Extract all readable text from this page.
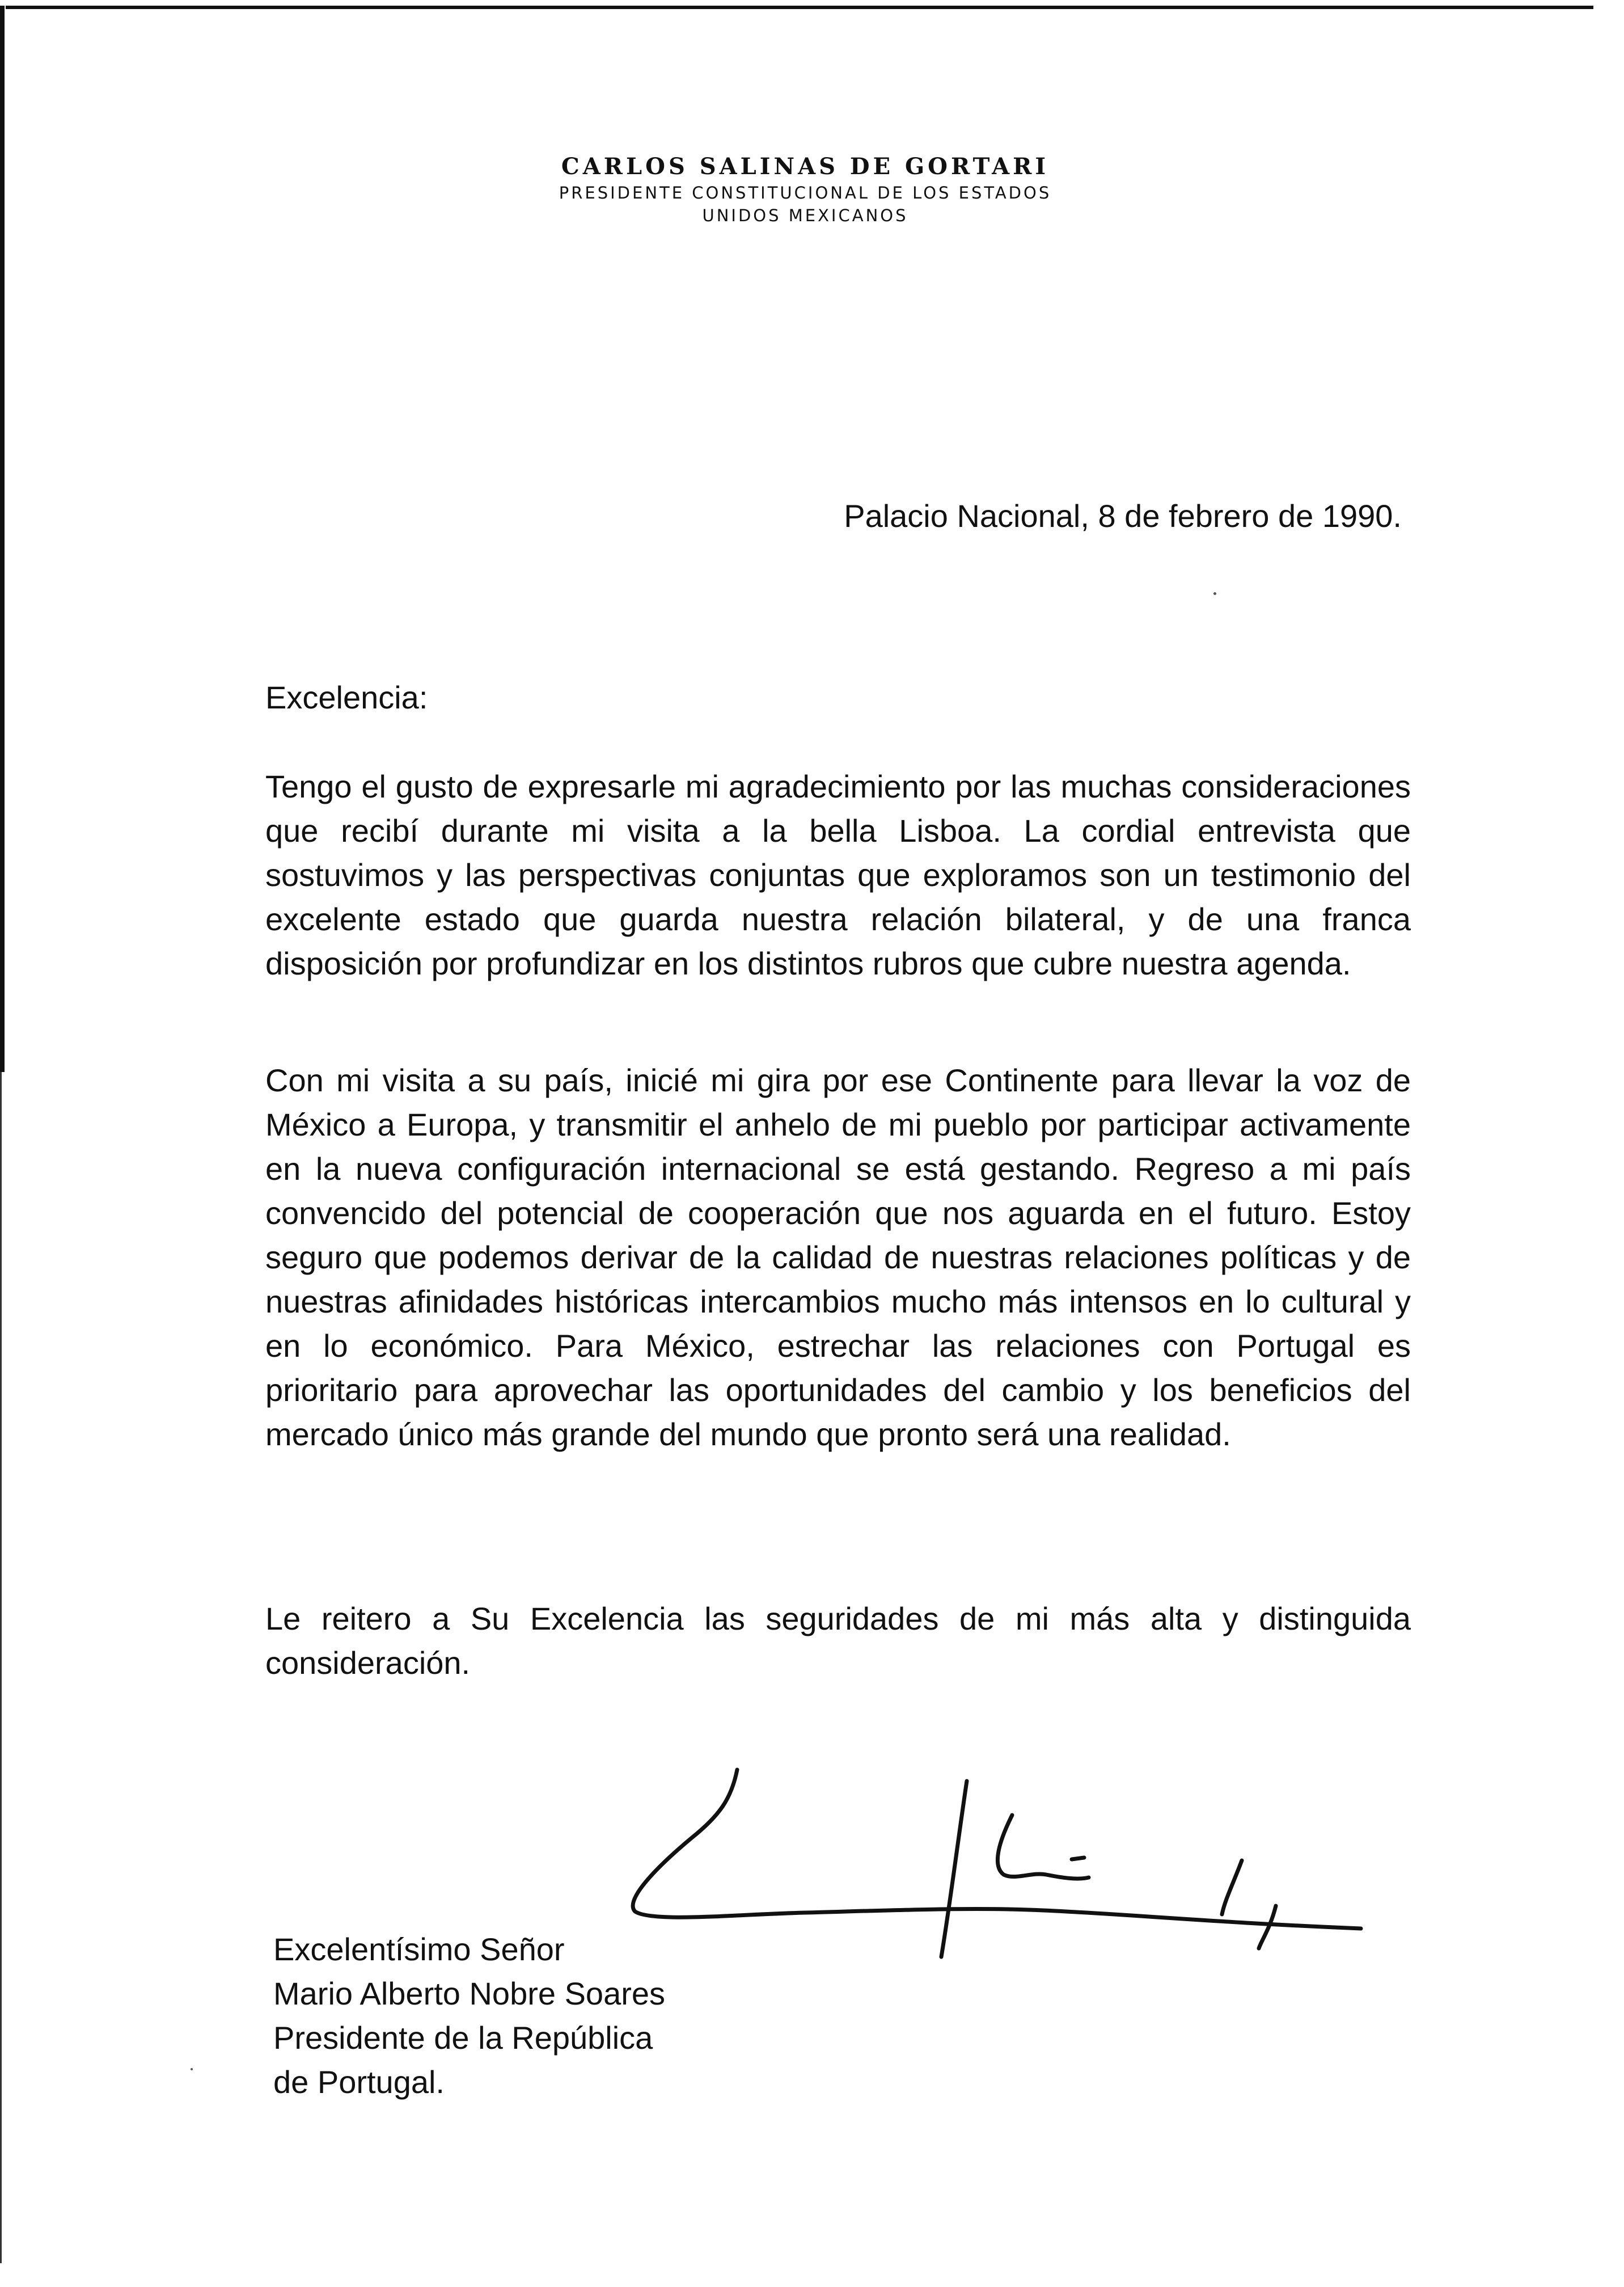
CARLOS SALINAS DE GORTARI
PRESIDENTE CONSTITUCIONAL DE LOS ESTADOS
UNIDOS MEXICANOS
Palacio Nacional, 8 de febrero de 1990.
Excelencia:
Tengo el gusto de expresarle mi agradecimiento por las muchas consideraciones que recibí durante mi visita a la bella Lisboa. La cordial entrevista que sostuvimos y las perspectivas conjuntas que exploramos son un testimonio del excelente estado que guarda nuestra relación bilateral, y de una franca disposición por profundizar en los distintos rubros que cubre nuestra agenda.
Con mi visita a su país, inicié mi gira por ese Continente para llevar la voz de México a Europa, y transmitir el anhelo de mi pueblo por participar activamente en la nueva configuración internacional se está gestando. Regreso a mi país convencido del potencial de cooperación que nos aguarda en el futuro. Estoy seguro que podemos derivar de la calidad de nuestras relaciones políticas y de nuestras afinidades históricas intercambios mucho más intensos en lo cultural y en lo económico. Para México, estrechar las relaciones con Portugal es prioritario para aprovechar las oportunidades del cambio y los beneficios del mercado único más grande del mundo que pronto será una realidad.
Le reitero a Su Excelencia las seguridades de mi más alta y distinguida consideración.
Excelentísimo Señor
Mario Alberto Nobre Soares
Presidente de la República
de Portugal.
